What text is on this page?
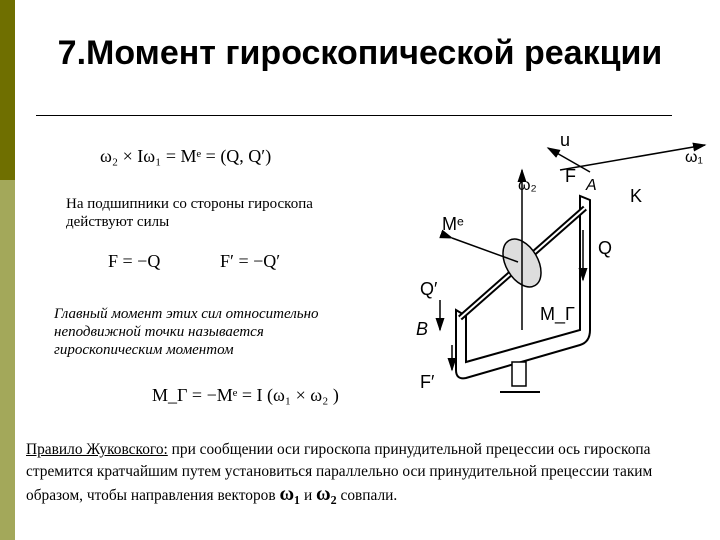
7.Момент гироскопической реакции
ω₂ × Iω₁ = Mᵉ = (Q, Q′)
На подшипники со стороны гироскопа действуют силы
F = −Q	F′ = −Q′
Главный момент этих сил относительно неподвижной точки называется гироскопическим моментом
M_Г = −Mᵉ = I (ω₁ × ω₂ )
Правило Жуковского: при сообщении оси гироскопа принудительной прецессии ось гироскопа стремится кратчайшим путем установиться параллельно оси принудительной прецессии таким образом, чтобы направления векторов ω₁ и ω₂ совпали.
u
ω₁
F A
K
ω₂
Mᵉ
Q
Q′
B
M_Г
F′
